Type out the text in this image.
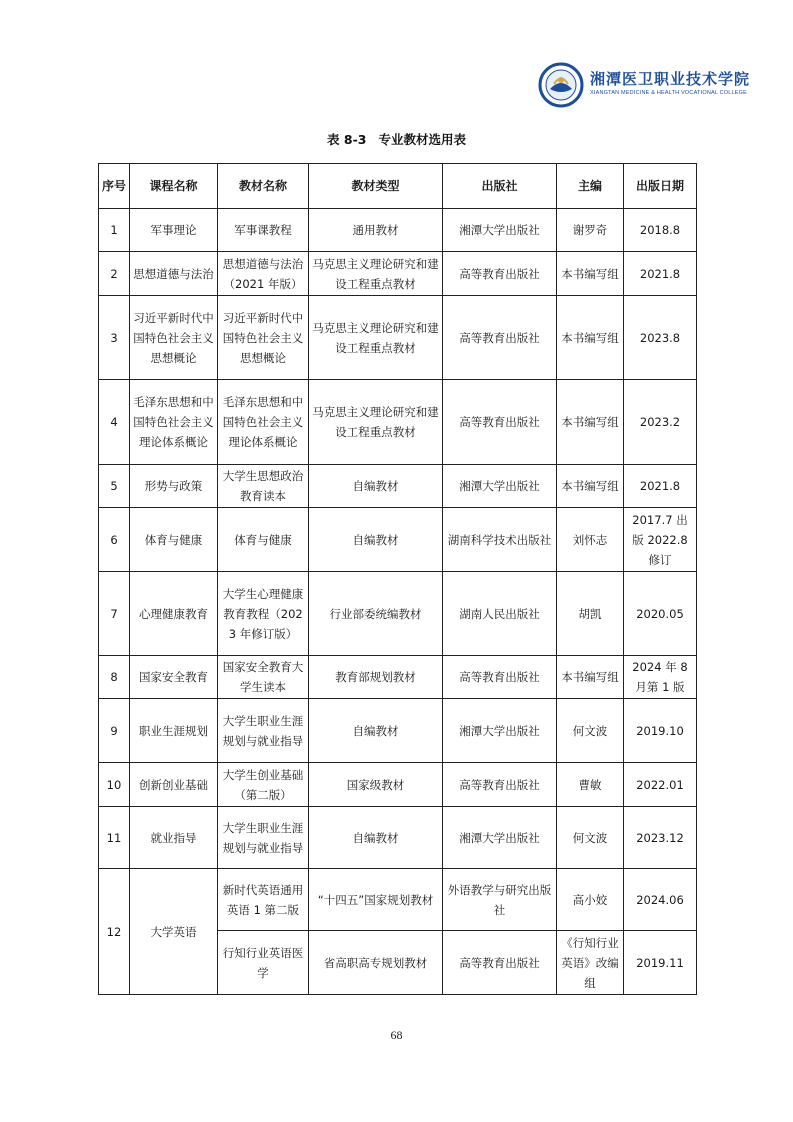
湘潭医卫职业技术学院
XIANGTAN MEDICINE & HEALTH VOCATIONAL COLLEGE
表 8-3 专业教材选用表
序号	课程名称	教材名称	教材类型	出版社	主编	出版日期
1	军事理论	军事课教程	通用教材	湘潭大学出版社	谢罗奇	2018.8
2	思想道德与法治	思想道德与法治（2021 年版）	马克思主义理论研究和建设工程重点教材	高等教育出版社	本书编写组	2021.8
3	习近平新时代中国特色社会主义思想概论	习近平新时代中国特色社会主义思想概论	马克思主义理论研究和建设工程重点教材	高等教育出版社	本书编写组	2023.8
4	毛泽东思想和中国特色社会主义理论体系概论	毛泽东思想和中国特色社会主义理论体系概论	马克思主义理论研究和建设工程重点教材	高等教育出版社	本书编写组	2023.2
5	形势与政策	大学生思想政治教育读本	自编教材	湘潭大学出版社	本书编写组	2021.8
6	体育与健康	体育与健康	自编教材	湖南科学技术出版社	刘怀志	2017.7 出版 2022.8 修订
7	心理健康教育	大学生心理健康教育教程（2023 年修订版）	行业部委统编教材	湖南人民出版社	胡凯	2020.05
8	国家安全教育	国家安全教育大学生读本	教育部规划教材	高等教育出版社	本书编写组	2024 年 8 月第 1 版
9	职业生涯规划	大学生职业生涯规划与就业指导	自编教材	湘潭大学出版社	何文波	2019.10
10	创新创业基础	大学生创业基础（第二版）	国家级教材	高等教育出版社	曹敏	2022.01
11	就业指导	大学生职业生涯规划与就业指导	自编教材	湘潭大学出版社	何文波	2023.12
12	大学英语	新时代英语通用英语 1 第二版	“十四五”国家规划教材	外语教学与研究出版社	高小姣	2024.06
		行知行业英语医学	省高职高专规划教材	高等教育出版社	《行知行业英语》改编组	2019.11
68
